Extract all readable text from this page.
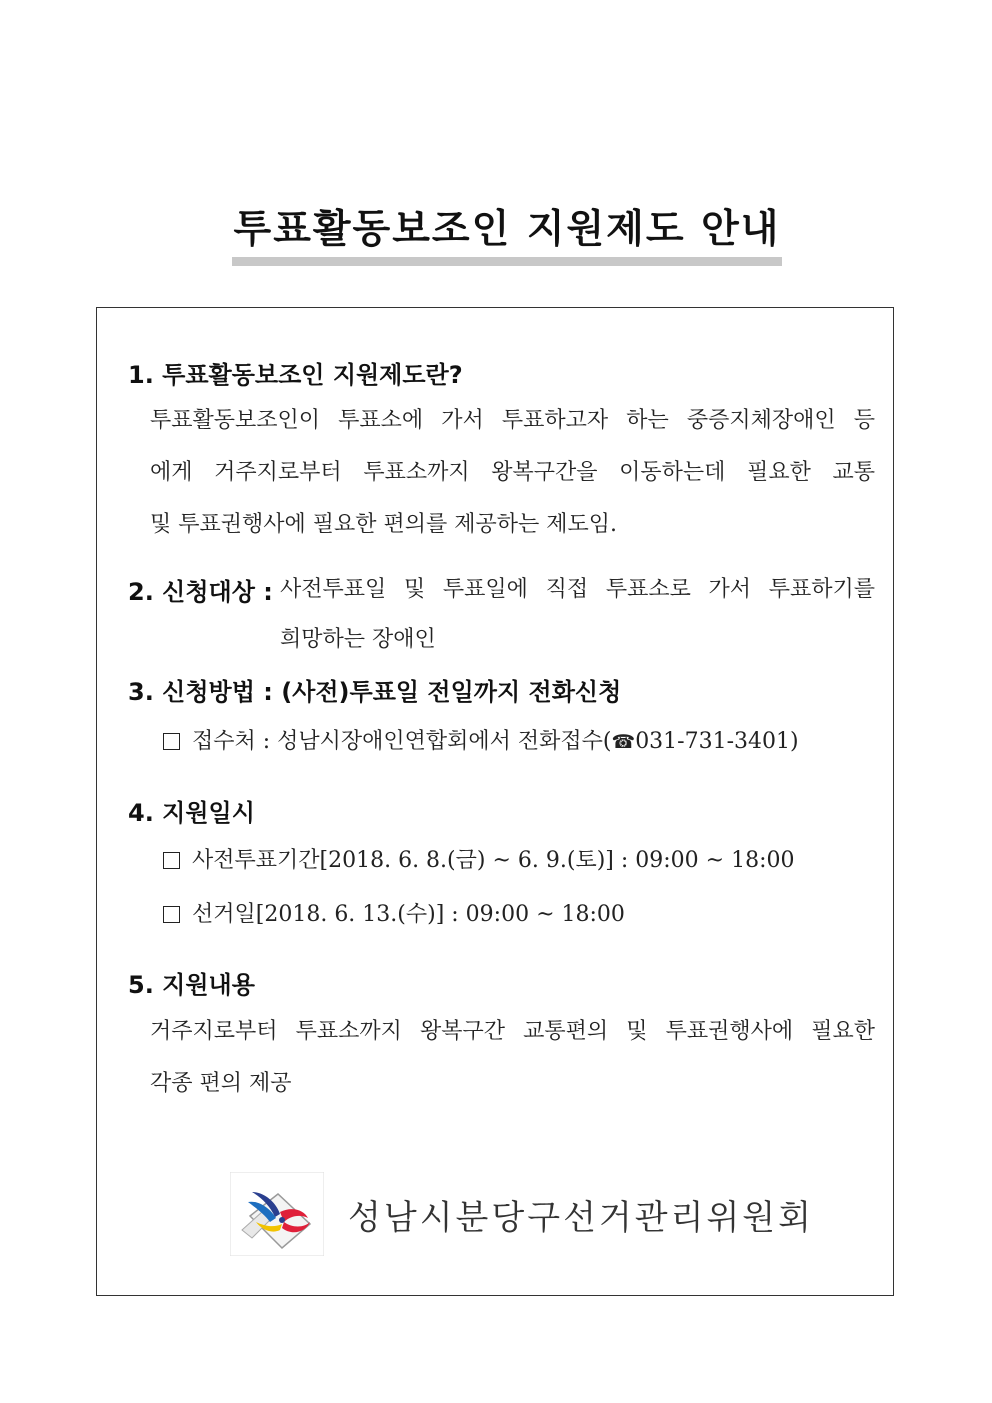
투표활동보조인 지원제도 안내
1. 투표활동보조인 지원제도란?
투표활동보조인이 투표소에 가서 투표하고자 하는 중증지체장애인 등
에게 거주지로부터 투표소까지 왕복구간을 이동하는데 필요한 교통
및 투표권행사에 필요한 편의를 제공하는 제도임.
2. 신청대상 : 사전투표일 및 투표일에 직접 투표소로 가서 투표하기를
희망하는 장애인
3. 신청방법 : (사전)투표일 전일까지 전화신청
접수처 : 성남시장애인연합회에서 전화접수(☎031-731-3401)
4. 지원일시
사전투표기간[2018. 6. 8.(금) ~ 6. 9.(토)] : 09:00 ~ 18:00
선거일[2018. 6. 13.(수)] : 09:00 ~ 18:00
5. 지원내용
거주지로부터 투표소까지 왕복구간 교통편의 및 투표권행사에 필요한
각종 편의 제공
성남시분당구선거관리위원회
